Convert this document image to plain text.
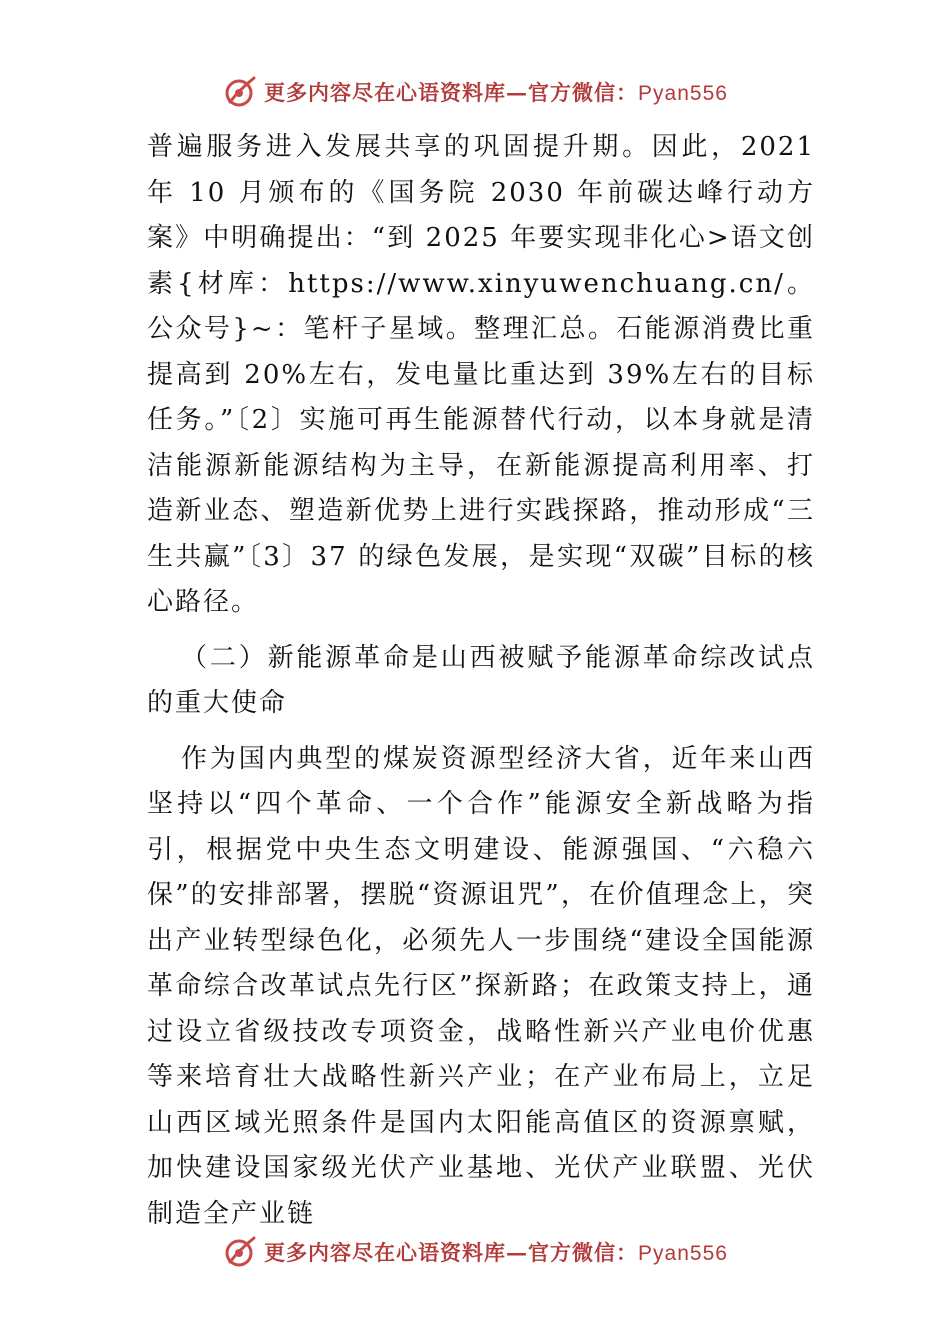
更多内容尽在心语资料库—官方微信：Pyan556

普遍服务进入发展共享的巩固提升期。因此，2021 年 10 月颁布的《国务院 2030 年前碳达峰行动方案》中明确提出：“到 2025 年要实现非化心>语文创素{材库：https://www.xinyuwenchuang.cn/。公众号}~：笔杆子星域。整理汇总。石能源消费比重提高到 20%左右，发电量比重达到 39%左右的目标任务。”〔2〕实施可再生能源替代行动，以本身就是清洁能源新能源结构为主导，在新能源提高利用率、打造新业态、塑造新优势上进行实践探路，推动形成“三生共赢”〔3〕37 的绿色发展，是实现“双碳”目标的核心路径。

（二）新能源革命是山西被赋予能源革命综改试点的重大使命

作为国内典型的煤炭资源型经济大省，近年来山西坚持以“四个革命、一个合作”能源安全新战略为指引，根据党中央生态文明建设、能源强国、“六稳六保”的安排部署，摆脱“资源诅咒”，在价值理念上，突出产业转型绿色化，必须先人一步围绕“建设全国能源革命综合改革试点先行区”探新路；在政策支持上，通过设立省级技改专项资金，战略性新兴产业电价优惠等来培育壮大战略性新兴产业；在产业布局上，立足山西区域光照条件是国内太阳能高值区的资源禀赋，加快建设国家级光伏产业基地、光伏产业联盟、光伏制造全产业链

更多内容尽在心语资料库—官方微信：Pyan556
